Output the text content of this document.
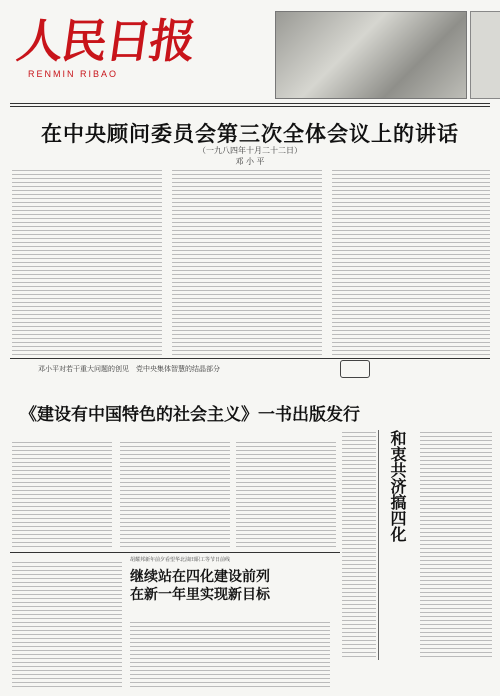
人民日报
RENMIN RIBAO
在中央顾问委员会第三次全体会议上的讲话
（一九八四年十月二十二日）
邓 小 平
邓小平对若干重大问题的创见　党中央集体智慧的结晶部分
《建设有中国特色的社会主义》一书出版发行
和衷共济搞四化
胡耀邦新年前夕看望华北油田职工等节日前线
继续站在四化建设前列
在新一年里实现新目标
